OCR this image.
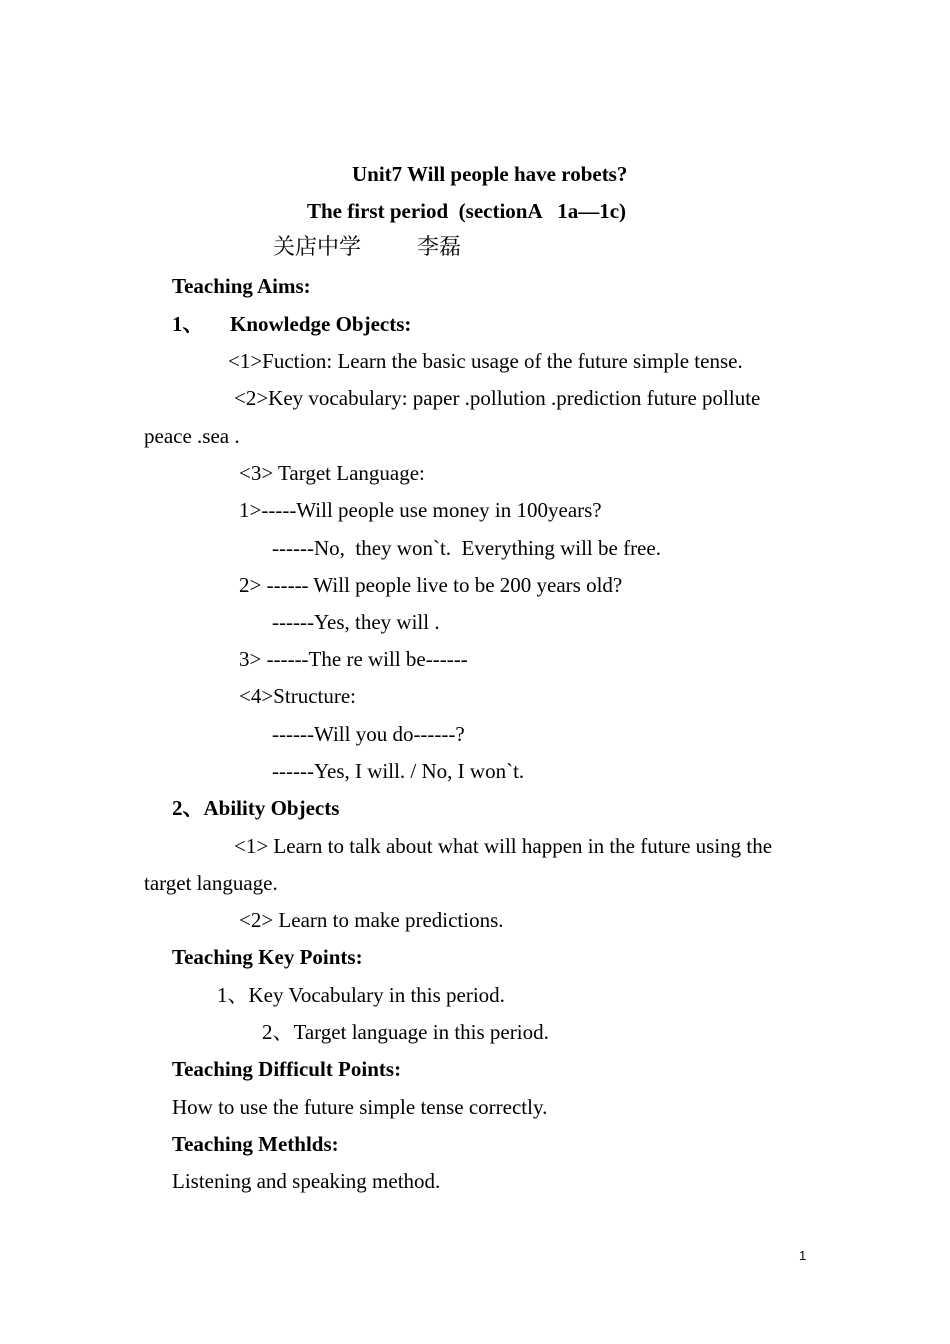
Unit7 Will people have robets?
The first period  (sectionA   1a—1c)
关店中学	李磊
Teaching Aims:
1、 Knowledge Objects:
<1>Fuction: Learn the basic usage of the future simple tense.
<2>Key vocabulary: paper .pollution .prediction future pollute
peace .sea .
<3> Target Language:
1>-----Will people use money in 100years?
------No,  they won`t.  Everything will be free.
2> ------ Will people live to be 200 years old?
------Yes, they will .
3> ------The re will be------
<4>Structure:
------Will you do------?
------Yes, I will. / No, I won`t.
2、Ability Objects
<1> Learn to talk about what will happen in the future using the
target language.
<2> Learn to make predictions.
Teaching Key Points:
1、Key Vocabulary in this period.
2、Target language in this period.
Teaching Difficult Points:
How to use the future simple tense correctly.
Teaching Methlds:
Listening and speaking method.
1
